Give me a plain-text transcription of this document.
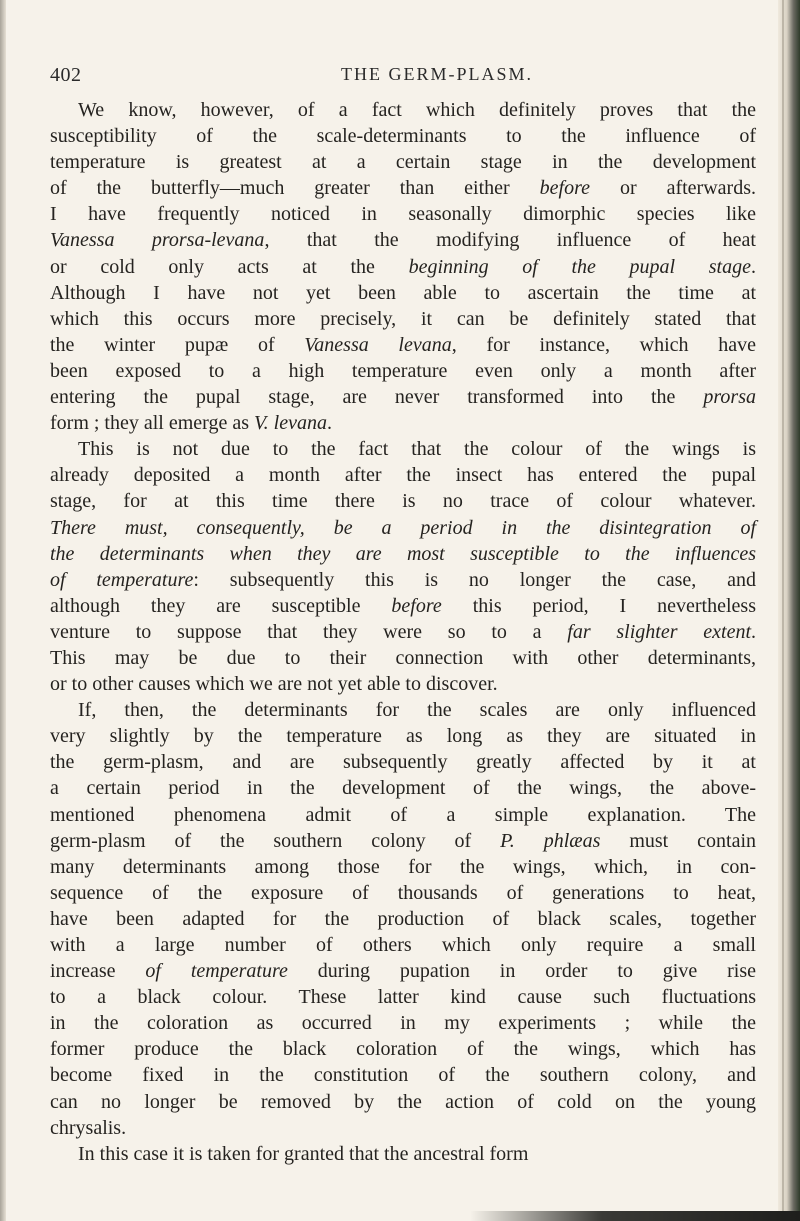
402	THE GERM-PLASM.

We know, however, of a fact which definitely proves that the
susceptibility of the scale-determinants to the influence of
temperature is greatest at a certain stage in the development
of the butterfly—much greater than either before or afterwards.
I have frequently noticed in seasonally dimorphic species like
Vanessa prorsa-levana, that the modifying influence of heat
or cold only acts at the beginning of the pupal stage.
Although I have not yet been able to ascertain the time at
which this occurs more precisely, it can be definitely stated that
the winter pupæ of Vanessa levana, for instance, which have
been exposed to a high temperature even only a month after
entering the pupal stage, are never transformed into the prorsa
form ; they all emerge as V. levana.

This is not due to the fact that the colour of the wings is
already deposited a month after the insect has entered the pupal
stage, for at this time there is no trace of colour whatever.
There must, consequently, be a period in the disintegration of
the determinants when they are most susceptible to the influences
of temperature: subsequently this is no longer the case, and
although they are susceptible before this period, I nevertheless
venture to suppose that they were so to a far slighter extent.
This may be due to their connection with other determinants,
or to other causes which we are not yet able to discover.

If, then, the determinants for the scales are only influenced
very slightly by the temperature as long as they are situated in
the germ-plasm, and are subsequently greatly affected by it at
a certain period in the development of the wings, the above-
mentioned phenomena admit of a simple explanation. The
germ-plasm of the southern colony of P. phlæas must contain
many determinants among those for the wings, which, in con-
sequence of the exposure of thousands of generations to heat,
have been adapted for the production of black scales, together
with a large number of others which only require a small
increase of temperature during pupation in order to give rise
to a black colour. These latter kind cause such fluctuations
in the coloration as occurred in my experiments ; while the
former produce the black coloration of the wings, which has
become fixed in the constitution of the southern colony, and
can no longer be removed by the action of cold on the young
chrysalis.

In this case it is taken for granted that the ancestral form
